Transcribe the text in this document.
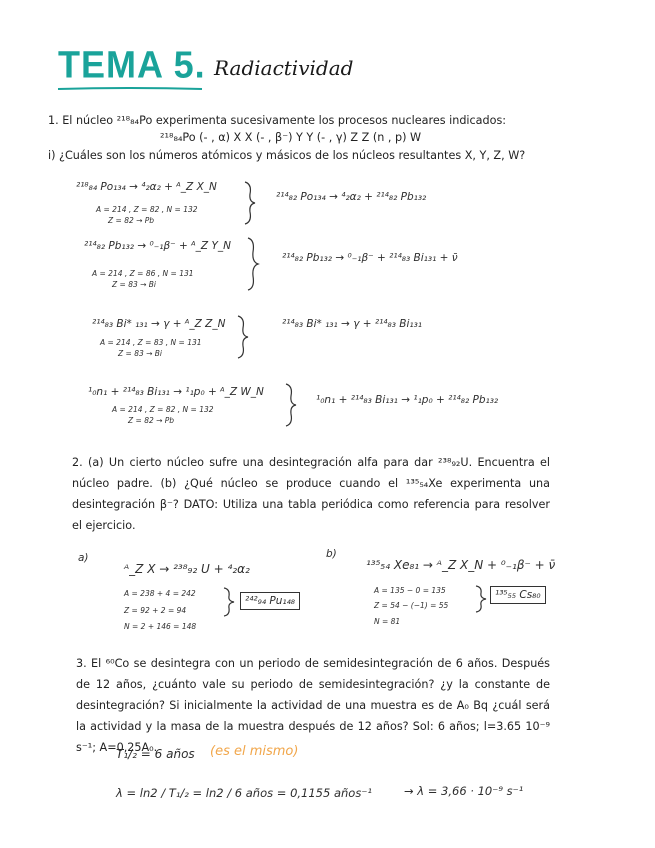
TEMA 5. Radiactividad
1. El núcleo ²¹⁸₈₄Po experimenta sucesivamente los procesos nucleares indicados:
²¹⁸₈₄Po (- , α) X X (- , β⁻) Y Y (- , γ) Z Z (n , p) W
i) ¿Cuáles son los números atómicos y másicos de los núcleos resultantes X, Y, Z, W?
²¹⁸₈₄ Po₁₃₄ → ⁴₂α₂ + ᴬ_Z X_N
A = 214 , Z = 82 , N = 132
Z = 82 → Pb
²¹⁴₈₂ Po₁₃₄ → ⁴₂α₂ + ²¹⁴₈₂ Pb₁₃₂
²¹⁴₈₂ Pb₁₃₂ → ⁰₋₁β⁻ + ᴬ_Z Y_N
A = 214 , Z = 86 , N = 131
Z = 83 → Bi
²¹⁴₈₂ Pb₁₃₂ → ⁰₋₁β⁻ + ²¹⁴₈₃ Bi₁₃₁ + ν̄
²¹⁴₈₃ Bi* ₁₃₁ → γ + ᴬ_Z Z_N
A = 214 , Z = 83 , N = 131
Z = 83 → Bi
²¹⁴₈₃ Bi* ₁₃₁ → γ + ²¹⁴₈₃ Bi₁₃₁
¹₀n₁ + ²¹⁴₈₃ Bi₁₃₁ → ¹₁p₀ + ᴬ_Z W_N
A = 214 , Z = 82 , N = 132
Z = 82 → Pb
¹₀n₁ + ²¹⁴₈₃ Bi₁₃₁ → ¹₁p₀ + ²¹⁴₈₂ Pb₁₃₂
2. (a) Un cierto núcleo sufre una desintegración alfa para dar ²³⁸₉₂U. Encuentra el núcleo padre. (b) ¿Qué núcleo se produce cuando el ¹³⁵₅₄Xe experimenta una desintegración β⁻? DATO: Utiliza una tabla periódica como referencia para resolver el ejercicio.
a)
ᴬ_Z X → ²³⁸₉₂ U + ⁴₂α₂
A = 238 + 4 = 242
Z = 92 + 2 = 94
N = 2 + 146 = 148
²⁴²₉₄ Pu₁₄₈
b)
¹³⁵₅₄ Xe₈₁ → ᴬ_Z X_N + ⁰₋₁β⁻ + ν̄
A = 135 − 0 = 135
Z = 54 − (−1) = 55
N = 81
¹³⁵₅₅ Cs₈₀
3. El ⁶⁰Co se desintegra con un periodo de semidesintegración de 6 años. Después de 12 años, ¿cuánto vale su periodo de semidesintegración? ¿y la constante de desintegración? Si inicialmente la actividad de una muestra es de A₀ Bq ¿cuál será la actividad y la masa de la muestra después de 12 años? Sol: 6 años; l=3.65 10⁻⁹ s⁻¹; A=0,25A₀.
T₁/₂ = 6 años (es el mismo)
λ = ln2 / T₁/₂ = ln2 / 6 años = 0,1155 años⁻¹	→ λ = 3,66 · 10⁻⁹ s⁻¹
